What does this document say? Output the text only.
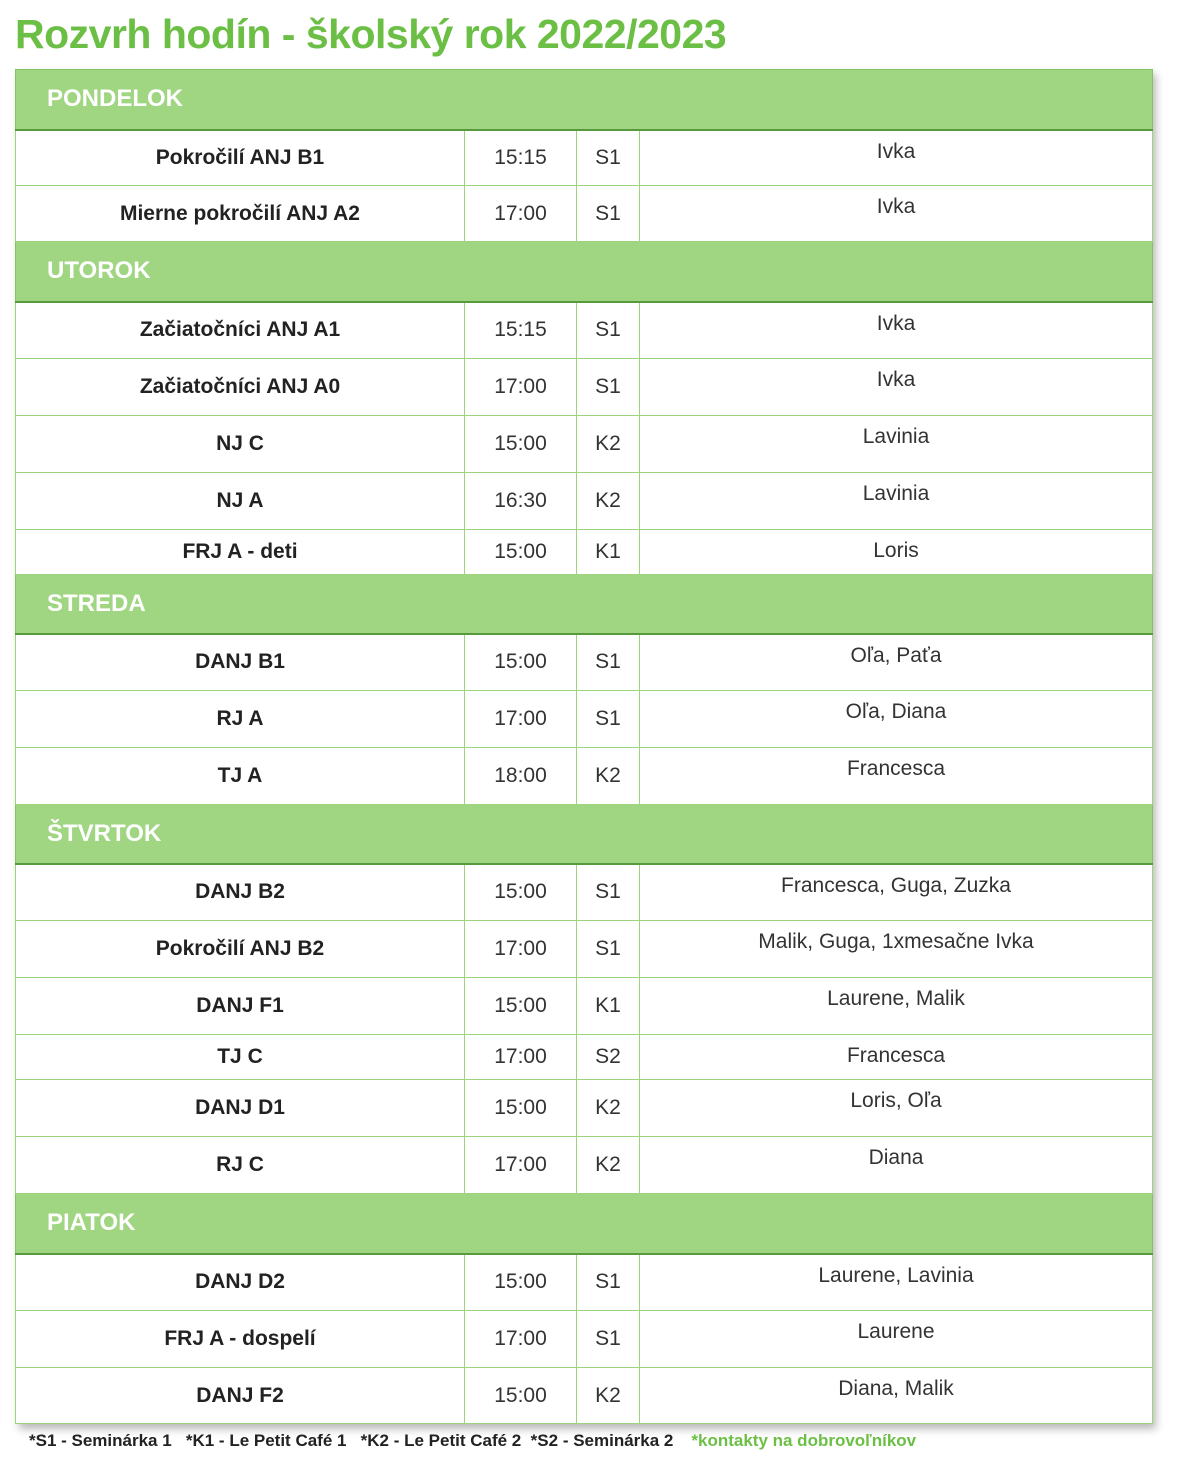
Rozvrh hodín - školský rok 2022/2023
PONDELOK			
Pokročilí ANJ B1	15:15	S1	Ivka
Mierne pokročilí ANJ A2	17:00	S1	Ivka
UTOROK			
Začiatočníci ANJ A1	15:15	S1	Ivka
Začiatočníci ANJ A0	17:00	S1	Ivka
NJ C	15:00	K2	Lavinia
NJ A	16:30	K2	Lavinia
FRJ A - deti	15:00	K1	Loris
STREDA			
DANJ B1	15:00	S1	Oľa, Paťa
RJ A	17:00	S1	Oľa, Diana
TJ A	18:00	K2	Francesca
ŠTVRTOK			
DANJ B2	15:00	S1	Francesca, Guga, Zuzka
Pokročilí ANJ B2	17:00	S1	Malik, Guga, 1xmesačne Ivka
DANJ F1	15:00	K1	Laurene, Malik
TJ C	17:00	S2	Francesca
DANJ D1	15:00	K2	Loris, Oľa
RJ C	17:00	K2	Diana
PIATOK			
DANJ D2	15:00	S1	Laurene, Lavinia
FRJ A - dospelí	17:00	S1	Laurene
DANJ F2	15:00	K2	Diana, Malik
*S1 - Seminárka 1   *K1 - Le Petit Café 1   *K2 - Le Petit Café 2  *S2 - Seminárka 2 *kontakty na dobrovoľníkov
